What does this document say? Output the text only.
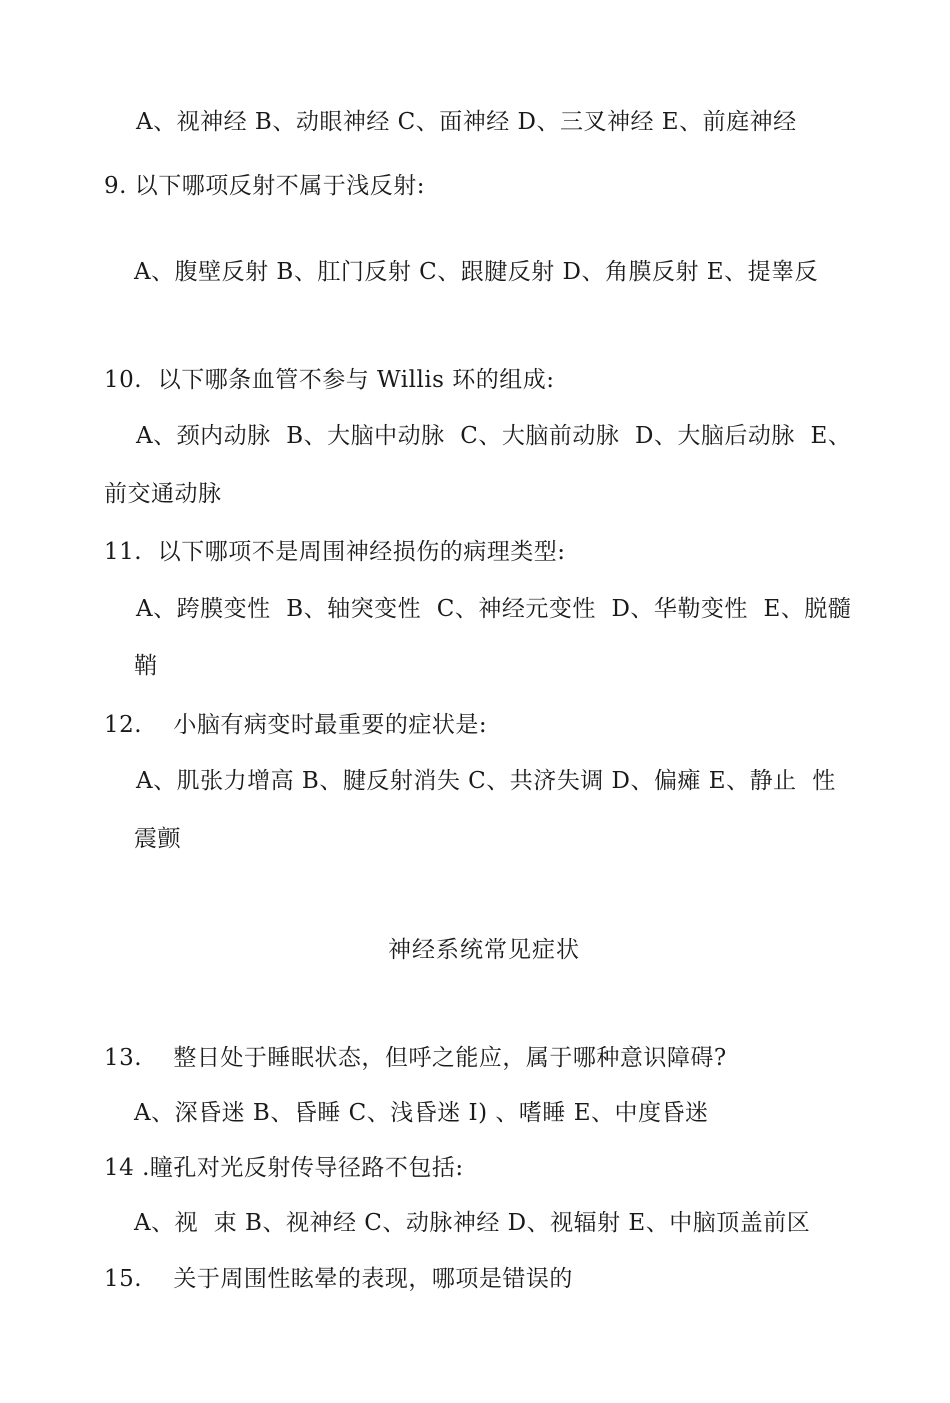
A、视神经 B、动眼神经 C、面神经 D、三叉神经 E、前庭神经
9. 以下哪项反射不属于浅反射:
A、腹壁反射 B、肛门反射 C、跟腱反射 D、角膜反射 E、提睾反
10.  以下哪条血管不参与 Willis 环的组成:
A、颈内动脉  B、大脑中动脉  C、大脑前动脉  D、大脑后动脉  E、
前交通动脉
11.  以下哪项不是周围神经损伤的病理类型:
A、跨膜变性  B、轴突变性  C、神经元变性  D、华勒变性  E、脱髓
鞘
12.    小脑有病变时最重要的症状是:
A、肌张力增高 B、腱反射消失 C、共济失调 D、偏瘫 E、静止  性
震颤
神经系统常见症状
13.    整日处于睡眠状态，但呼之能应，属于哪种意识障碍?
A、深昏迷 B、昏睡 C、浅昏迷 I) 、嗜睡 E、中度昏迷
14 .瞳孔对光反射传导径路不包括:
A、视  束 B、视神经 C、动脉神经 D、视辐射 E、中脑顶盖前区
15.    关于周围性眩晕的表现，哪项是错误的
